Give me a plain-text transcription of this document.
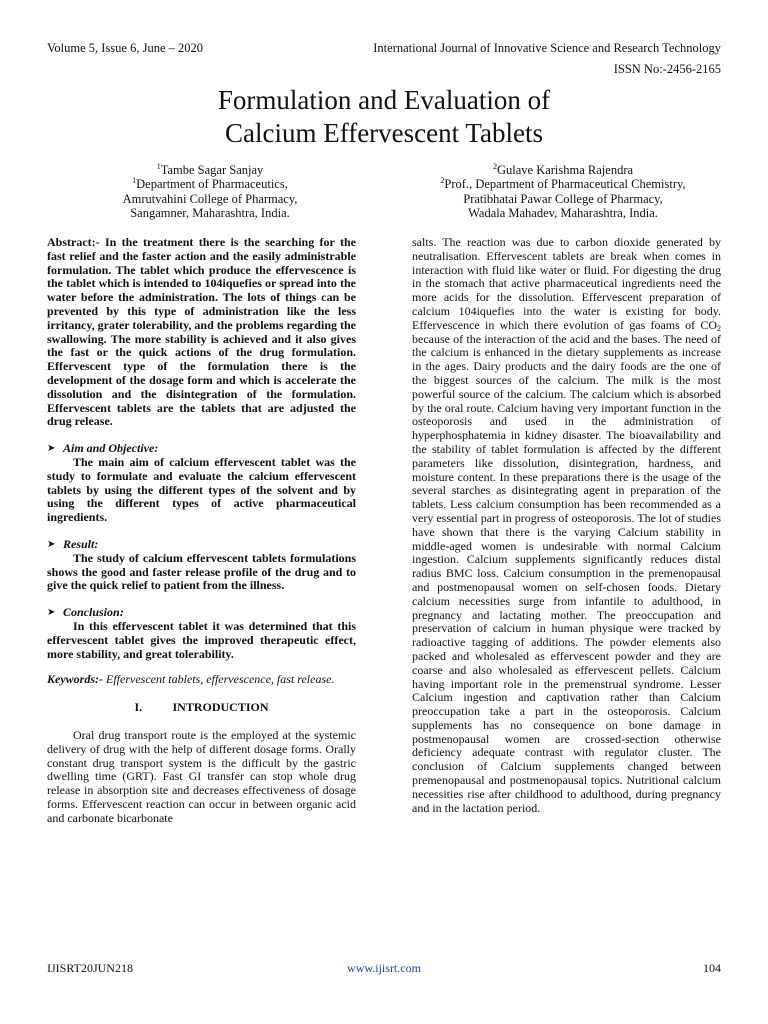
Volume 5, Issue 6, June – 2020	International Journal of Innovative Science and Research Technology
ISSN No:-2456-2165
Formulation and Evaluation of
Calcium Effervescent Tablets
$^1$Tambe Sagar Sanjay
$^1$Department of Pharmaceutics,
Amrutvahini College of Pharmacy,
Sangamner, Maharashtra, India.
$^2$Gulave Karishma Rajendra
$^2$Prof., Department of Pharmaceutical Chemistry,
Pratibhatai Pawar College of Pharmacy,
Wadala Mahadev, Maharashtra, India.

Abstract:- In the treatment there is the searching for the fast relief and the faster action and the easily administrable formulation. The tablet which produce the effervescence is the tablet which is intended to 104iquefies or spread into the water before the administration. The lots of things can be prevented by this type of administration like the less irritancy, grater tolerability, and the problems regarding the swallowing. The more stability is achieved and it also gives the fast or the quick actions of the drug formulation. Effervescent type of the formulation there is the development of the dosage form and which is accelerate the dissolution and the disintegration of the formulation. Effervescent tablets are the tablets that are adjusted the drug release.

➤ Aim and Objective:

The main aim of calcium effervescent tablet was the study to formulate and evaluate the calcium effervescent tablets by using the different types of the solvent and by using the different types of active pharmaceutical ingredients.

➤ Result:

The study of calcium effervescent tablets formulations shows the good and faster release profile of the drug and to give the quick relief to patient from the illness.

➤ Conclusion:

In this effervescent tablet it was determined that this effervescent tablet gives the improved therapeutic effect, more stability, and great tolerability.

Keywords:- Effervescent tablets, effervescence, fast release.

I.	INTRODUCTION

Oral drug transport route is the employed at the systemic delivery of drug with the help of different dosage forms. Orally constant drug transport system is the difficult by the gastric dwelling time (GRT). Fast GI transfer can stop whole drug release in absorption site and decreases effectiveness of dosage forms. Effervescent reaction can occur in between organic acid and carbonate bicarbonate

salts. The reaction was due to carbon dioxide generated by neutralisation. Effervescent tablets are break when comes in interaction with fluid like water or fluid. For digesting the drug in the stomach that active pharmaceutical ingredients need the more acids for the dissolution. Effervescent preparation of calcium 104iquefies into the water is existing for body. Effervescence in which there evolution of gas foams of $CO_2$ because of the interaction of the acid and the bases. The need of the calcium is enhanced in the dietary supplements as increase in the ages. Dairy products and the dairy foods are the one of the biggest sources of the calcium. The milk is the most powerful source of the calcium. The calcium which is absorbed by the oral route. Calcium having very important function in the osteoporosis and used in the administration of hyperphosphatemia in kidney disaster. The bioavailability and the stability of tablet formulation is affected by the different parameters like dissolution, disintegration, hardness, and moisture content. In these preparations there is the usage of the several starches as disintegrating agent in preparation of the tablets. Less calcium consumption has been recommended as a very essential part in progress of osteoporosis. The lot of studies have shown that there is the varying Calcium stability in middle-aged women is undesirable with normal Calcium ingestion. Calcium supplements significantly reduces distal radius BMC loss. Calcium consumption in the premenopausal and postmenopausal women on self-chosen foods. Dietary calcium necessities surge from infantile to adulthood, in pregnancy and lactating mother. The preoccupation and preservation of calcium in human physique were tracked by radioactive tagging of additions. The powder elements also packed and wholesaled as effervescent powder and they are coarse and also wholesaled as effervescent pellets. Calcium having important role in the premenstrual syndrome. Lesser Calcium ingestion and captivation rather than Calcium preoccupation take a part in the osteoporosis. Calcium supplements has no consequence on bone damage in postmenopausal women are crossed-section otherwise deficiency adequate contrast with regulator cluster. The conclusion of Calcium supplements changed between premenopausal and postmenopausal topics. Nutritional calcium necessities rise after childhood to adulthood, during pregnancy and in the lactation period.

IJISRT20JUN218	www.ijisrt.com	104
